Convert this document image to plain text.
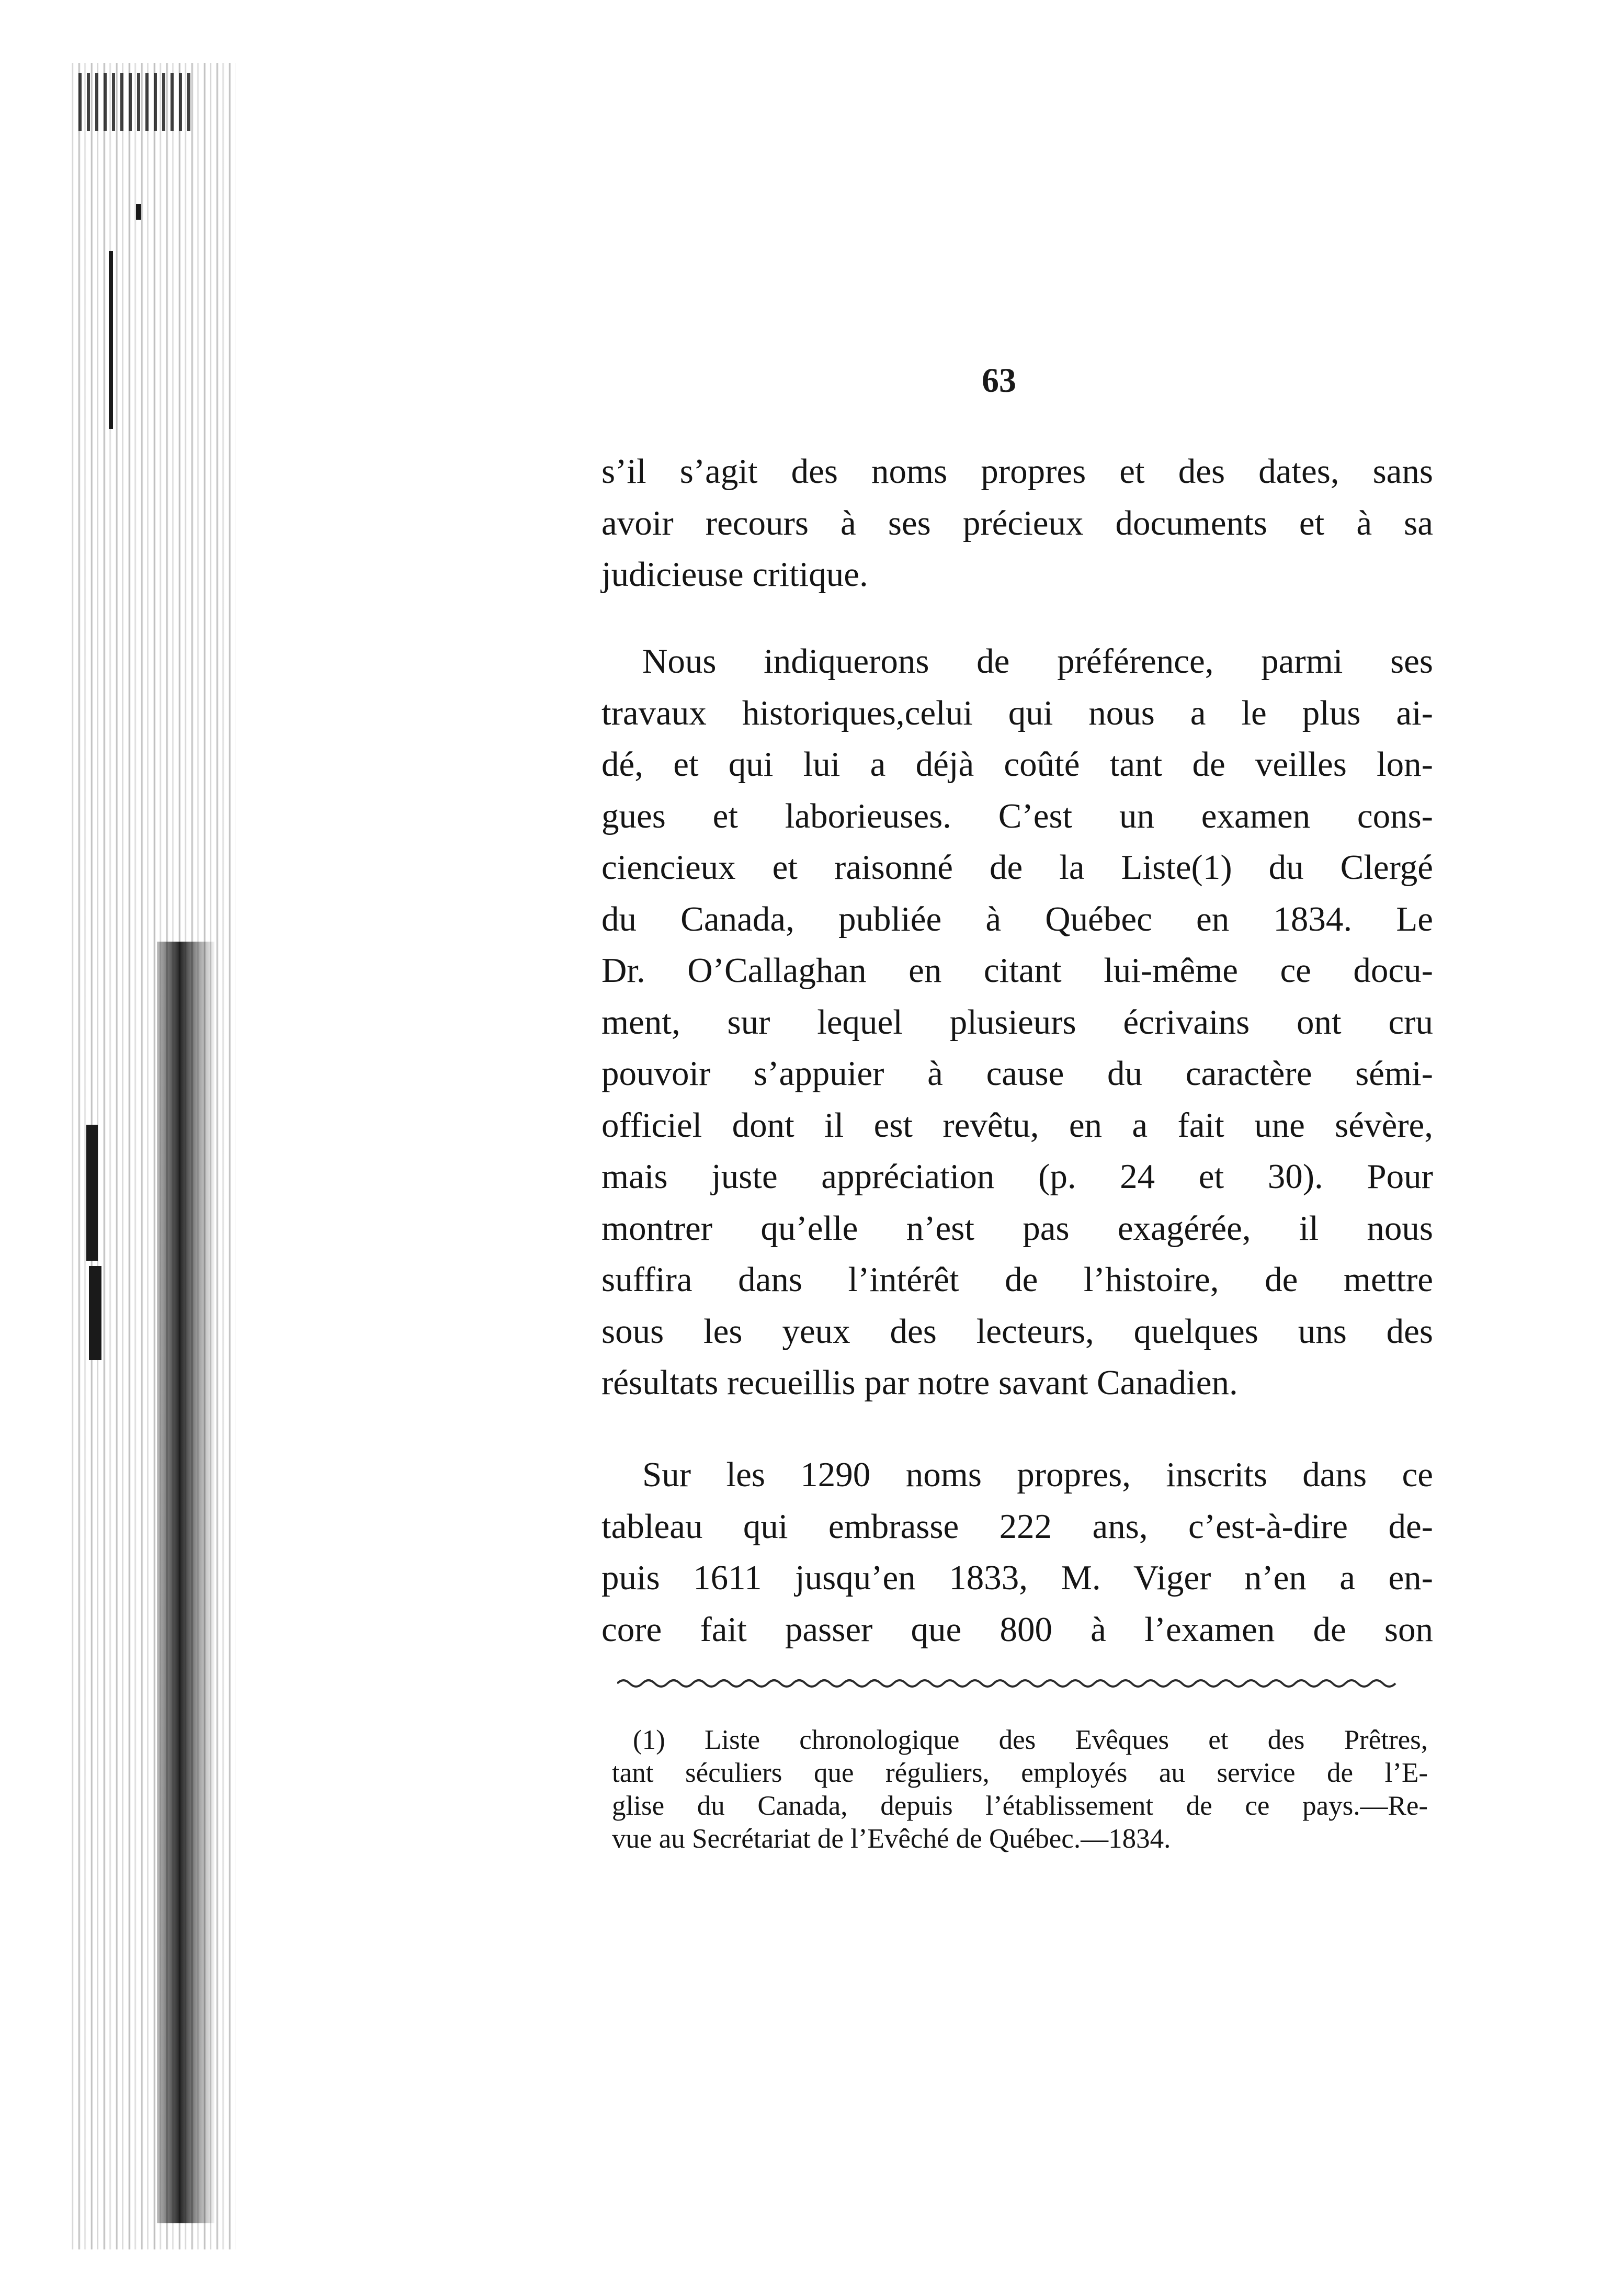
63
s’il s’agit des noms propres et des dates, sans
avoir recours à ses précieux documents et à sa
judicieuse critique.
Nous indiquerons de préférence, parmi ses
travaux historiques,celui qui nous a le plus ai-
dé, et qui lui a déjà coûté tant de veilles lon-
gues et laborieuses. C’est un examen cons-
ciencieux et raisonné de la Liste(1) du Clergé
du Canada, publiée à Québec en 1834. Le
Dr. O’Callaghan en citant lui-même ce docu-
ment, sur lequel plusieurs écrivains ont cru
pouvoir s’appuier à cause du caractère sémi-
officiel dont il est revêtu, en a fait une sévère,
mais juste appréciation (p. 24 et 30). Pour
montrer qu’elle n’est pas exagérée, il nous
suffira dans l’intérêt de l’histoire, de mettre
sous les yeux des lecteurs, quelques uns des
résultats recueillis par notre savant Canadien.
Sur les 1290 noms propres, inscrits dans ce
tableau qui embrasse 222 ans, c’est-à-dire de-
puis 1611 jusqu’en 1833, M. Viger n’en a en-
core fait passer que 800 à l’examen de son
(1) Liste chronologique des Evêques et des Prêtres,
tant séculiers que réguliers, employés au service de l’E-
glise du Canada, depuis l’établissement de ce pays.—Re-
vue au Secrétariat de l’Evêché de Québec.—1834.
